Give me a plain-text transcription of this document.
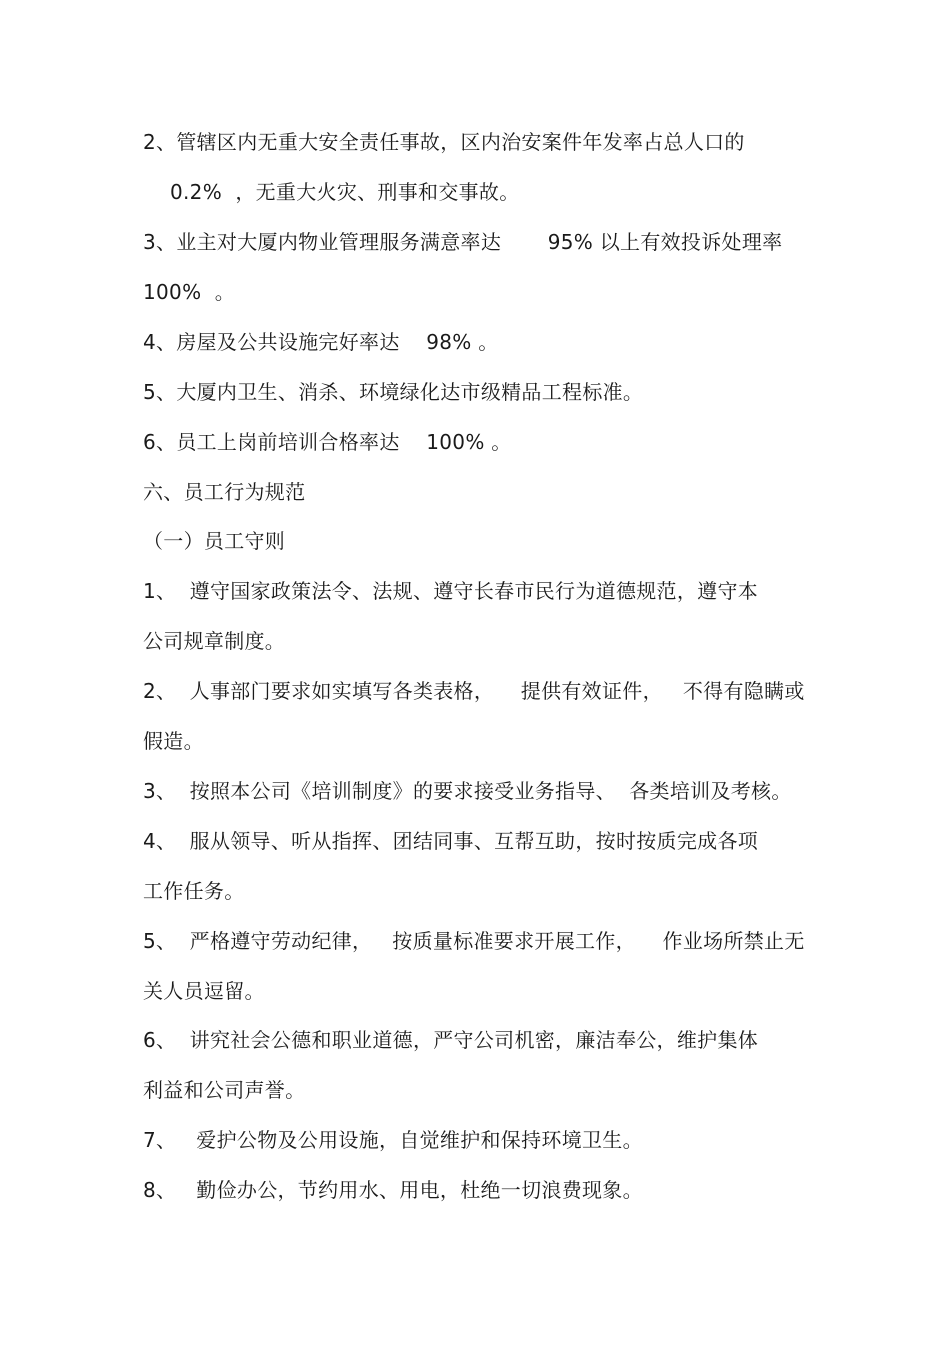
2、管辖区内无重大安全责任事故，区内治安案件年发率占总人口的
0.2%  ，无重大火灾、刑事和交事故。
3、业主对大厦内物业管理服务满意率达       95% 以上有效投诉处理率
100%  。
4、房屋及公共设施完好率达    98% 。
5、大厦内卫生、消杀、环境绿化达市级精品工程标准。
6、员工上岗前培训合格率达    100% 。
六、员工行为规范
（一）员工守则
1、  遵守国家政策法令、法规、遵守长春市民行为道德规范，遵守本
公司规章制度。
2、  人事部门要求如实填写各类表格，    提供有效证件，   不得有隐瞒或
假造。
3、  按照本公司《培训制度》的要求接受业务指导、  各类培训及考核。
4、  服从领导、听从指挥、团结同事、互帮互助，按时按质完成各项
工作任务。
5、  严格遵守劳动纪律，   按质量标准要求开展工作，    作业场所禁止无
关人员逗留。
6、  讲究社会公德和职业道德，严守公司机密，廉洁奉公，维护集体
利益和公司声誉。
7、   爱护公物及公用设施，自觉维护和保持环境卫生。
8、   勤俭办公，节约用水、用电，杜绝一切浪费现象。
